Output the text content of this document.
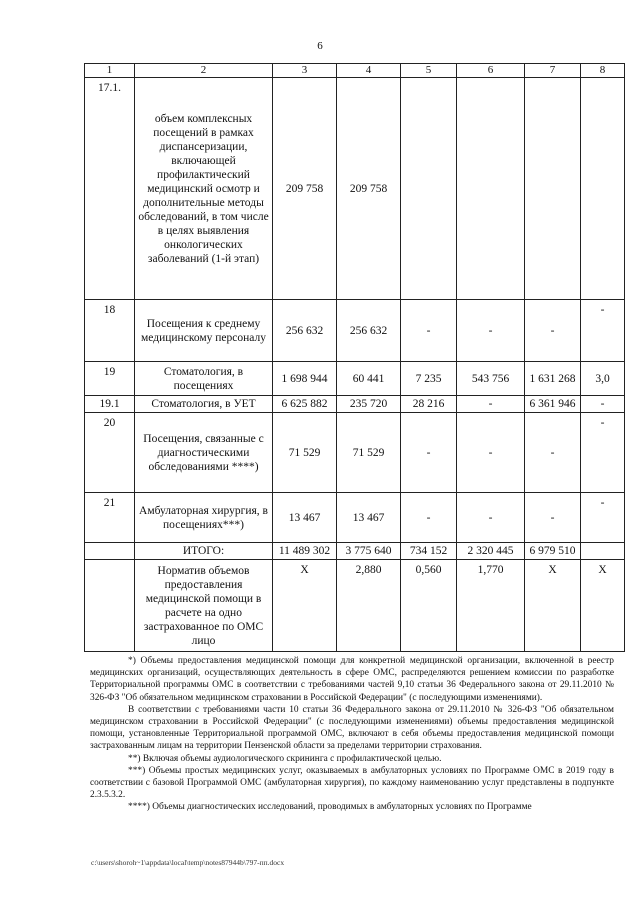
6
1	2	3	4	5	6	7	8
17.1.	объем комплексных посещений в рамках диспансеризации, включающей профилактический медицинский осмотр и дополнительные методы обследований, в том числе в целях выявления онкологических заболеваний (1-й этап)	209 758	209 758				
18	Посещения к среднему медицинскому персоналу	256 632	256 632	-	-	-	-
19	Стоматология, в посещениях	1 698 944	60 441	7 235	543 756	1 631 268	3,0
19.1	Стоматология, в УЕТ	6 625 882	235 720	28 216	-	6 361 946	-
20	Посещения, связанные с диагностическими обследованиями ****)	71 529	71 529	-	-	-	-
21	Амбулаторная хирургия, в посещениях***)	13 467	13 467	-	-	-	-
	ИТОГО:	11 489 302	3 775 640	734 152	2 320 445	6 979 510	
	Норматив объемов предоставления медицинской помощи в расчете на одно застрахованное по ОМС лицо	Х	2,880	0,560	1,770	Х	Х

*) Объемы предоставления медицинской помощи для конкретной медицинской организации, включенной в реестр медицинских организаций, осуществляющих деятельность в сфере ОМС, распределяются решением комиссии по разработке Территориальной программы ОМС в соответствии с требованиями частей 9,10 статьи 36 Федерального закона от 29.11.2010 № 326-ФЗ "Об обязательном медицинском страховании в Российской Федерации" (с последующими изменениями).

В соответствии с требованиями части 10 статьи 36 Федерального закона от 29.11.2010 № 326-ФЗ "Об обязательном медицинском страховании в Российской Федерации" (с последующими изменениями) объемы предоставления медицинской помощи, установленные Территориальной программой ОМС, включают в себя объемы предоставления медицинской помощи застрахованным лицам на территории Пензенской области за пределами территории страхования.

**) Включая объемы аудиологического скрининга с профилактической целью.

***) Объемы простых медицинских услуг, оказываемых в амбулаторных условиях по Программе ОМС в 2019 году в соответствии с базовой Программой ОМС (амбулаторная хирургия), по каждому наименованию услуг представлены в подпункте 2.3.5.3.2.

****) Объемы диагностических исследований, проводимых в амбулаторных условиях по Программе

c:\users\shoroh~1\appdata\local\temp\notes87944b\797-пп.docx
